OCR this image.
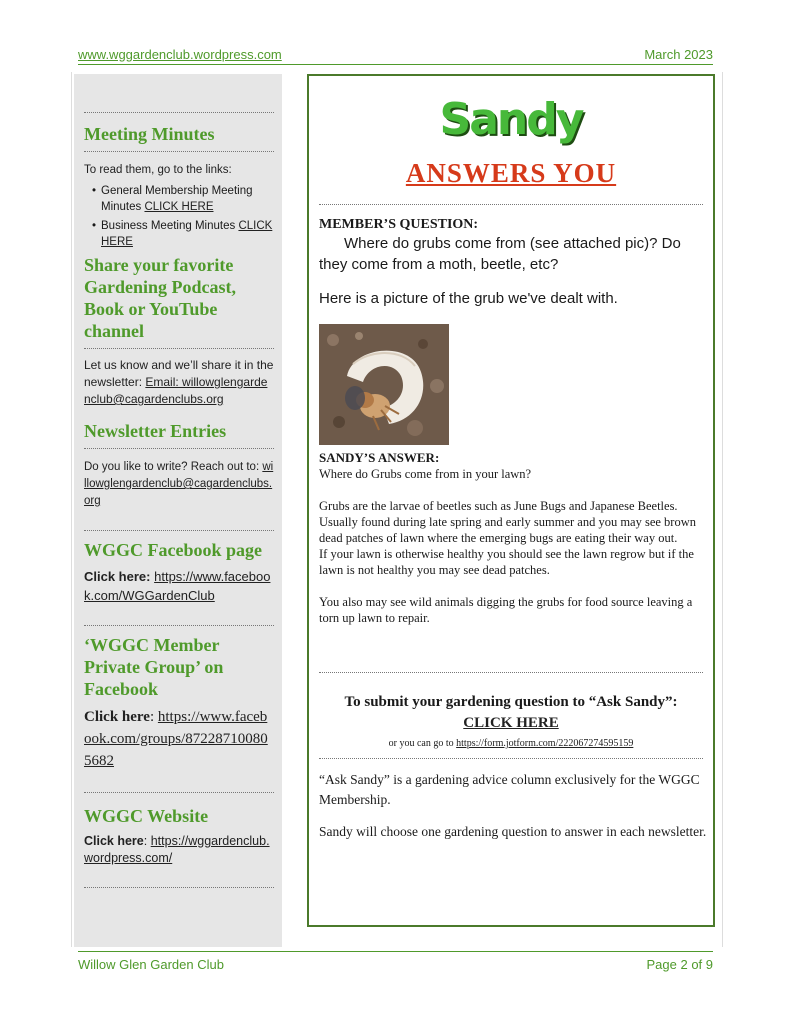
www.wggardenclub.wordpress.com	March 2023
Meeting Minutes
To read them, go to the links:
• General Membership Meeting Minutes CLICK HERE
• Business Meeting Minutes CLICK HERE
Share your favorite Gardening Podcast, Book or YouTube channel
Let us know and we’ll share it in the newsletter: Email: willowglengardenclub@cagardenclubs.org
Newsletter Entries
Do you like to write? Reach out to: willowglengardenclub@cagardenclubs.org
WGGC Facebook page
Click here: https://www.facebook.com/WGGardenClub
‘WGGC Member Private Group’ on Facebook
Click here: https://www.facebook.com/groups/872287100805682
WGGC Website
Click here: https://wggardenclub.wordpress.com/
Sandy
ANSWERS YOU
MEMBER’S QUESTION:
Where do grubs come from (see attached pic)? Do they come from a moth, beetle, etc?
Here is a picture of the grub we've dealt with.
SANDY’S ANSWER:

Where do Grubs come from in your lawn?

Grubs are the larvae of beetles such as June Bugs and Japanese Beetles. Usually found during late spring and early summer and you may see brown dead patches of lawn where the emerging bugs are eating their way out.

If your lawn is otherwise healthy you should see the lawn regrow but if the lawn is not healthy you may see dead patches.

You also may see wild animals digging the grubs for food source leaving a torn up lawn to repair.

To submit your gardening question to “Ask Sandy”:
CLICK HERE
or you can go to https://form.jotform.com/222067274595159
“Ask Sandy” is a gardening advice column exclusively for the WGGC Membership.
Sandy will choose one gardening question to answer in each newsletter.
Willow Glen Garden Club	Page 2 of 9
